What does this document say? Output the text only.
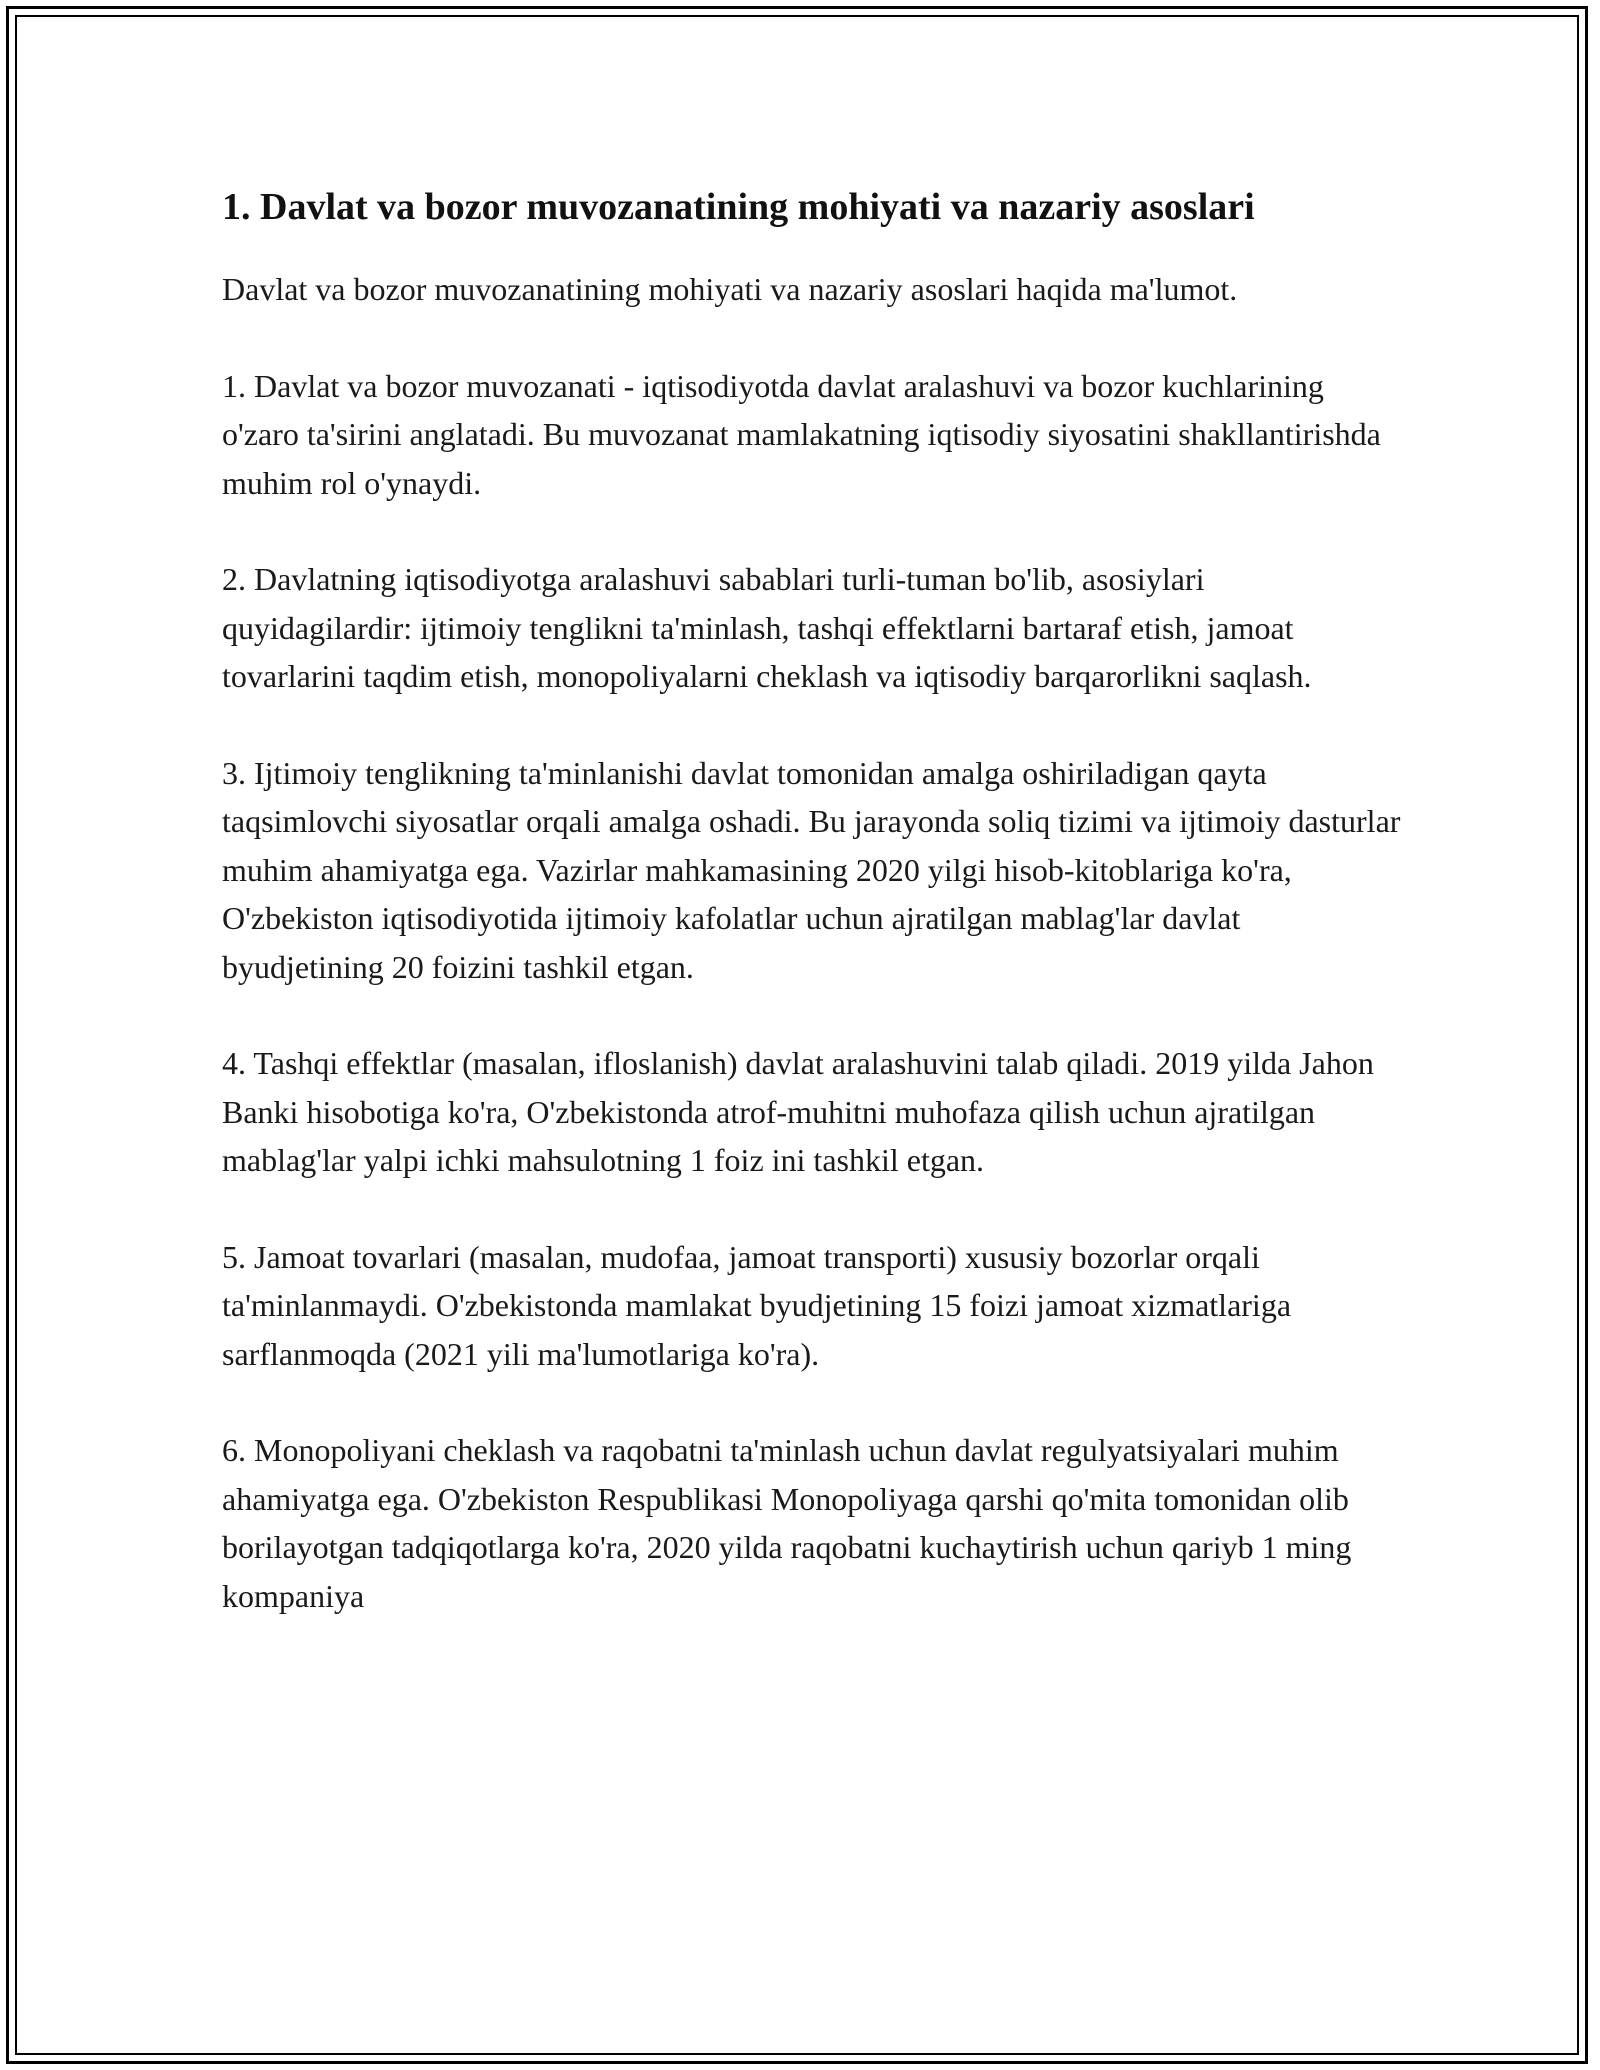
1. Davlat va bozor muvozanatining mohiyati va nazariy asoslari

Davlat va bozor muvozanatining mohiyati va nazariy asoslari haqida ma'lumot.

1. Davlat va bozor muvozanati - iqtisodiyotda davlat aralashuvi va bozor kuchlarining o'zaro ta'sirini anglatadi. Bu muvozanat mamlakatning iqtisodiy siyosatini shakllantirishda muhim rol o'ynaydi.

2. Davlatning iqtisodiyotga aralashuvi sabablari turli-tuman bo'lib, asosiylari quyidagilardir: ijtimoiy tenglikni ta'minlash, tashqi effektlarni bartaraf etish, jamoat tovarlarini taqdim etish, monopoliyalarni cheklash va iqtisodiy barqarorlikni saqlash.

3. Ijtimoiy tenglikning ta'minlanishi davlat tomonidan amalga oshiriladigan qayta taqsimlovchi siyosatlar orqali amalga oshadi. Bu jarayonda soliq tizimi va ijtimoiy dasturlar muhim ahamiyatga ega. Vazirlar mahkamasining 2020 yilgi hisob-kitoblariga ko'ra, O'zbekiston iqtisodiyotida ijtimoiy kafolatlar uchun ajratilgan mablag'lar davlat byudjetining 20 foizini tashkil etgan.

4. Tashqi effektlar (masalan, ifloslanish) davlat aralashuvini talab qiladi. 2019 yilda Jahon Banki hisobotiga ko'ra, O'zbekistonda atrof-muhitni muhofaza qilish uchun ajratilgan mablag'lar yalpi ichki mahsulotning 1 foiz ini tashkil etgan.

5. Jamoat tovarlari (masalan, mudofaa, jamoat transporti) xususiy bozorlar orqali ta'minlanmaydi. O'zbekistonda mamlakat byudjetining 15 foizi jamoat xizmatlariga sarflanmoqda (2021 yili ma'lumotlariga ko'ra).

6. Monopoliyani cheklash va raqobatni ta'minlash uchun davlat regulyatsiyalari muhim ahamiyatga ega. O'zbekiston Respublikasi Monopoliyaga qarshi qo'mita tomonidan olib borilayotgan tadqiqotlarga ko'ra, 2020 yilda raqobatni kuchaytirish uchun qariyb 1 ming kompaniya
